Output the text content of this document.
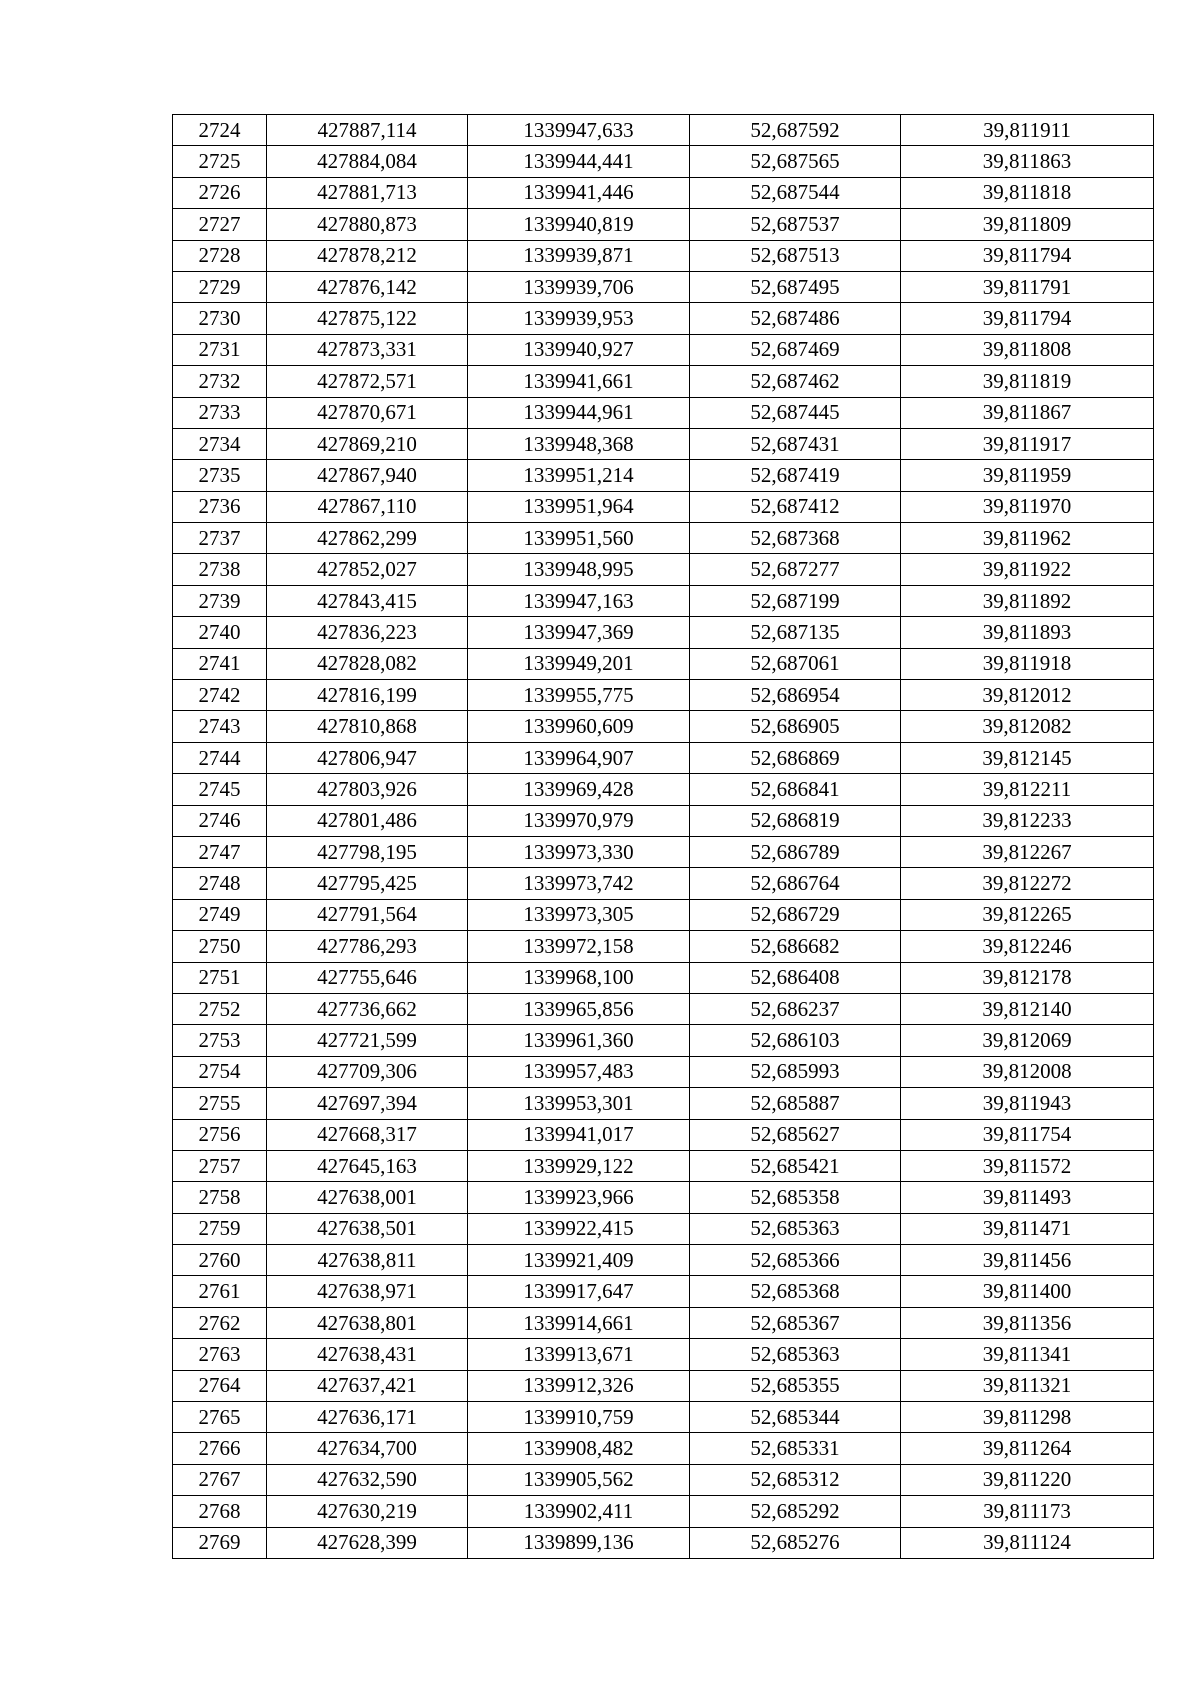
2724	427887,114	1339947,633	52,687592	39,811911
2725	427884,084	1339944,441	52,687565	39,811863
2726	427881,713	1339941,446	52,687544	39,811818
2727	427880,873	1339940,819	52,687537	39,811809
2728	427878,212	1339939,871	52,687513	39,811794
2729	427876,142	1339939,706	52,687495	39,811791
2730	427875,122	1339939,953	52,687486	39,811794
2731	427873,331	1339940,927	52,687469	39,811808
2732	427872,571	1339941,661	52,687462	39,811819
2733	427870,671	1339944,961	52,687445	39,811867
2734	427869,210	1339948,368	52,687431	39,811917
2735	427867,940	1339951,214	52,687419	39,811959
2736	427867,110	1339951,964	52,687412	39,811970
2737	427862,299	1339951,560	52,687368	39,811962
2738	427852,027	1339948,995	52,687277	39,811922
2739	427843,415	1339947,163	52,687199	39,811892
2740	427836,223	1339947,369	52,687135	39,811893
2741	427828,082	1339949,201	52,687061	39,811918
2742	427816,199	1339955,775	52,686954	39,812012
2743	427810,868	1339960,609	52,686905	39,812082
2744	427806,947	1339964,907	52,686869	39,812145
2745	427803,926	1339969,428	52,686841	39,812211
2746	427801,486	1339970,979	52,686819	39,812233
2747	427798,195	1339973,330	52,686789	39,812267
2748	427795,425	1339973,742	52,686764	39,812272
2749	427791,564	1339973,305	52,686729	39,812265
2750	427786,293	1339972,158	52,686682	39,812246
2751	427755,646	1339968,100	52,686408	39,812178
2752	427736,662	1339965,856	52,686237	39,812140
2753	427721,599	1339961,360	52,686103	39,812069
2754	427709,306	1339957,483	52,685993	39,812008
2755	427697,394	1339953,301	52,685887	39,811943
2756	427668,317	1339941,017	52,685627	39,811754
2757	427645,163	1339929,122	52,685421	39,811572
2758	427638,001	1339923,966	52,685358	39,811493
2759	427638,501	1339922,415	52,685363	39,811471
2760	427638,811	1339921,409	52,685366	39,811456
2761	427638,971	1339917,647	52,685368	39,811400
2762	427638,801	1339914,661	52,685367	39,811356
2763	427638,431	1339913,671	52,685363	39,811341
2764	427637,421	1339912,326	52,685355	39,811321
2765	427636,171	1339910,759	52,685344	39,811298
2766	427634,700	1339908,482	52,685331	39,811264
2767	427632,590	1339905,562	52,685312	39,811220
2768	427630,219	1339902,411	52,685292	39,811173
2769	427628,399	1339899,136	52,685276	39,811124
